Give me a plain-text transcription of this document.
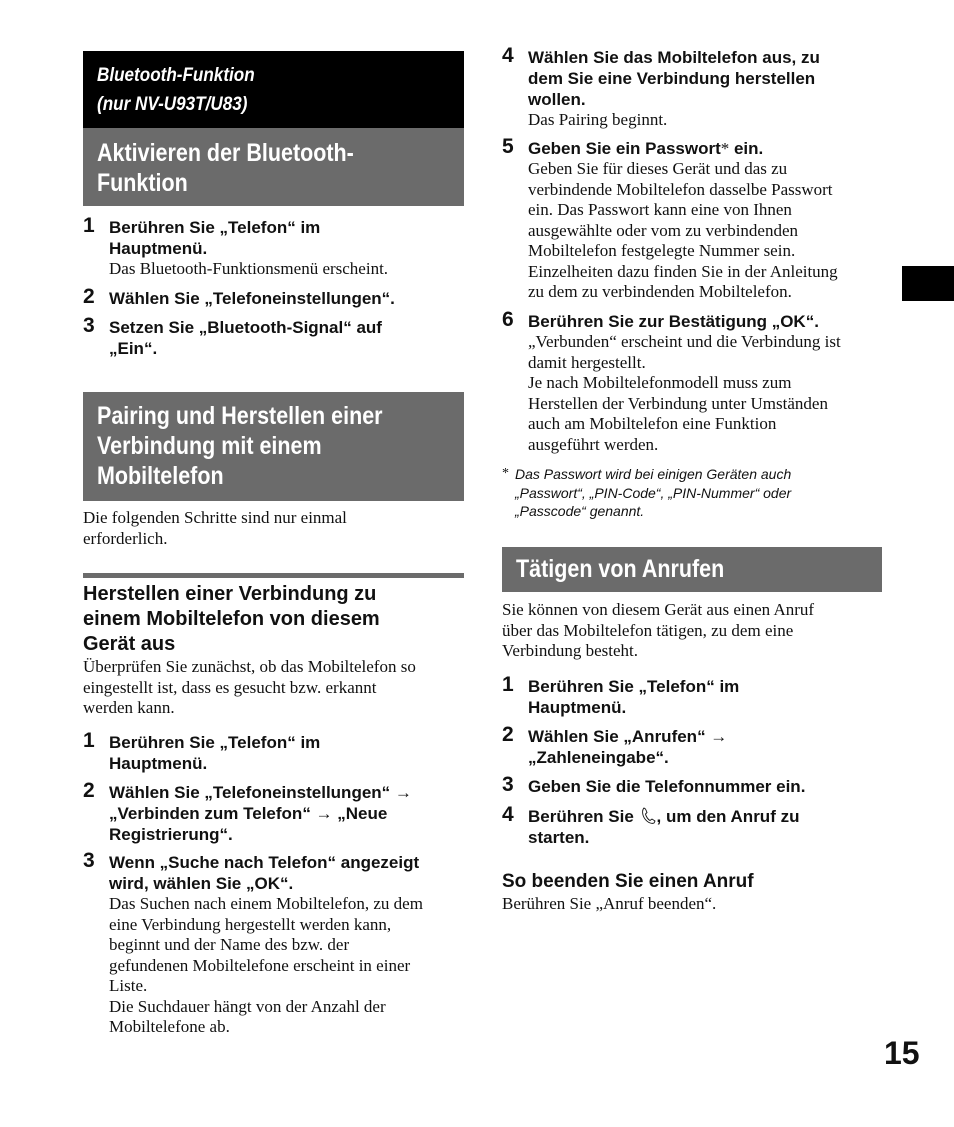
Bluetooth-Funktion
(nur NV-U93T/U83)
Aktivieren der Bluetooth-
Funktion
1 Berühren Sie „Telefon“ im
Hauptmenü.
Das Bluetooth-Funktionsmenü erscheint.
2 Wählen Sie „Telefoneinstellungen“.
3 Setzen Sie „Bluetooth-Signal“ auf
„Ein“.
Pairing und Herstellen einer
Verbindung mit einem
Mobiltelefon
Die folgenden Schritte sind nur einmal
erforderlich.
Herstellen einer Verbindung zu
einem Mobiltelefon von diesem
Gerät aus
Überprüfen Sie zunächst, ob das Mobiltelefon so
eingestellt ist, dass es gesucht bzw. erkannt
werden kann.
1 Berühren Sie „Telefon“ im
Hauptmenü.
2 Wählen Sie „Telefoneinstellungen“ →
„Verbinden zum Telefon“ → „Neue
Registrierung“.
3 Wenn „Suche nach Telefon“ angezeigt
wird, wählen Sie „OK“.
Das Suchen nach einem Mobiltelefon, zu dem
eine Verbindung hergestellt werden kann,
beginnt und der Name des bzw. der
gefundenen Mobiltelefone erscheint in einer
Liste.
Die Suchdauer hängt von der Anzahl der
Mobiltelefone ab.
4 Wählen Sie das Mobiltelefon aus, zu
dem Sie eine Verbindung herstellen
wollen.
Das Pairing beginnt.
5 Geben Sie ein Passwort* ein.
Geben Sie für dieses Gerät und das zu
verbindende Mobiltelefon dasselbe Passwort
ein. Das Passwort kann eine von Ihnen
ausgewählte oder vom zu verbindenden
Mobiltelefon festgelegte Nummer sein.
Einzelheiten dazu finden Sie in der Anleitung
zu dem zu verbindenden Mobiltelefon.
6 Berühren Sie zur Bestätigung „OK“.
„Verbunden“ erscheint und die Verbindung ist
damit hergestellt.
Je nach Mobiltelefonmodell muss zum
Herstellen der Verbindung unter Umständen
auch am Mobiltelefon eine Funktion
ausgeführt werden.
* Das Passwort wird bei einigen Geräten auch
„Passwort“, „PIN-Code“, „PIN-Nummer“ oder
„Passcode“ genannt.
Tätigen von Anrufen
Sie können von diesem Gerät aus einen Anruf
über das Mobiltelefon tätigen, zu dem eine
Verbindung besteht.
1 Berühren Sie „Telefon“ im
Hauptmenü.
2 Wählen Sie „Anrufen“ →
„Zahleneingabe“.
3 Geben Sie die Telefonnummer ein.
4 Berühren Sie , um den Anruf zu
starten.
So beenden Sie einen Anruf
Berühren Sie „Anruf beenden“.
15
